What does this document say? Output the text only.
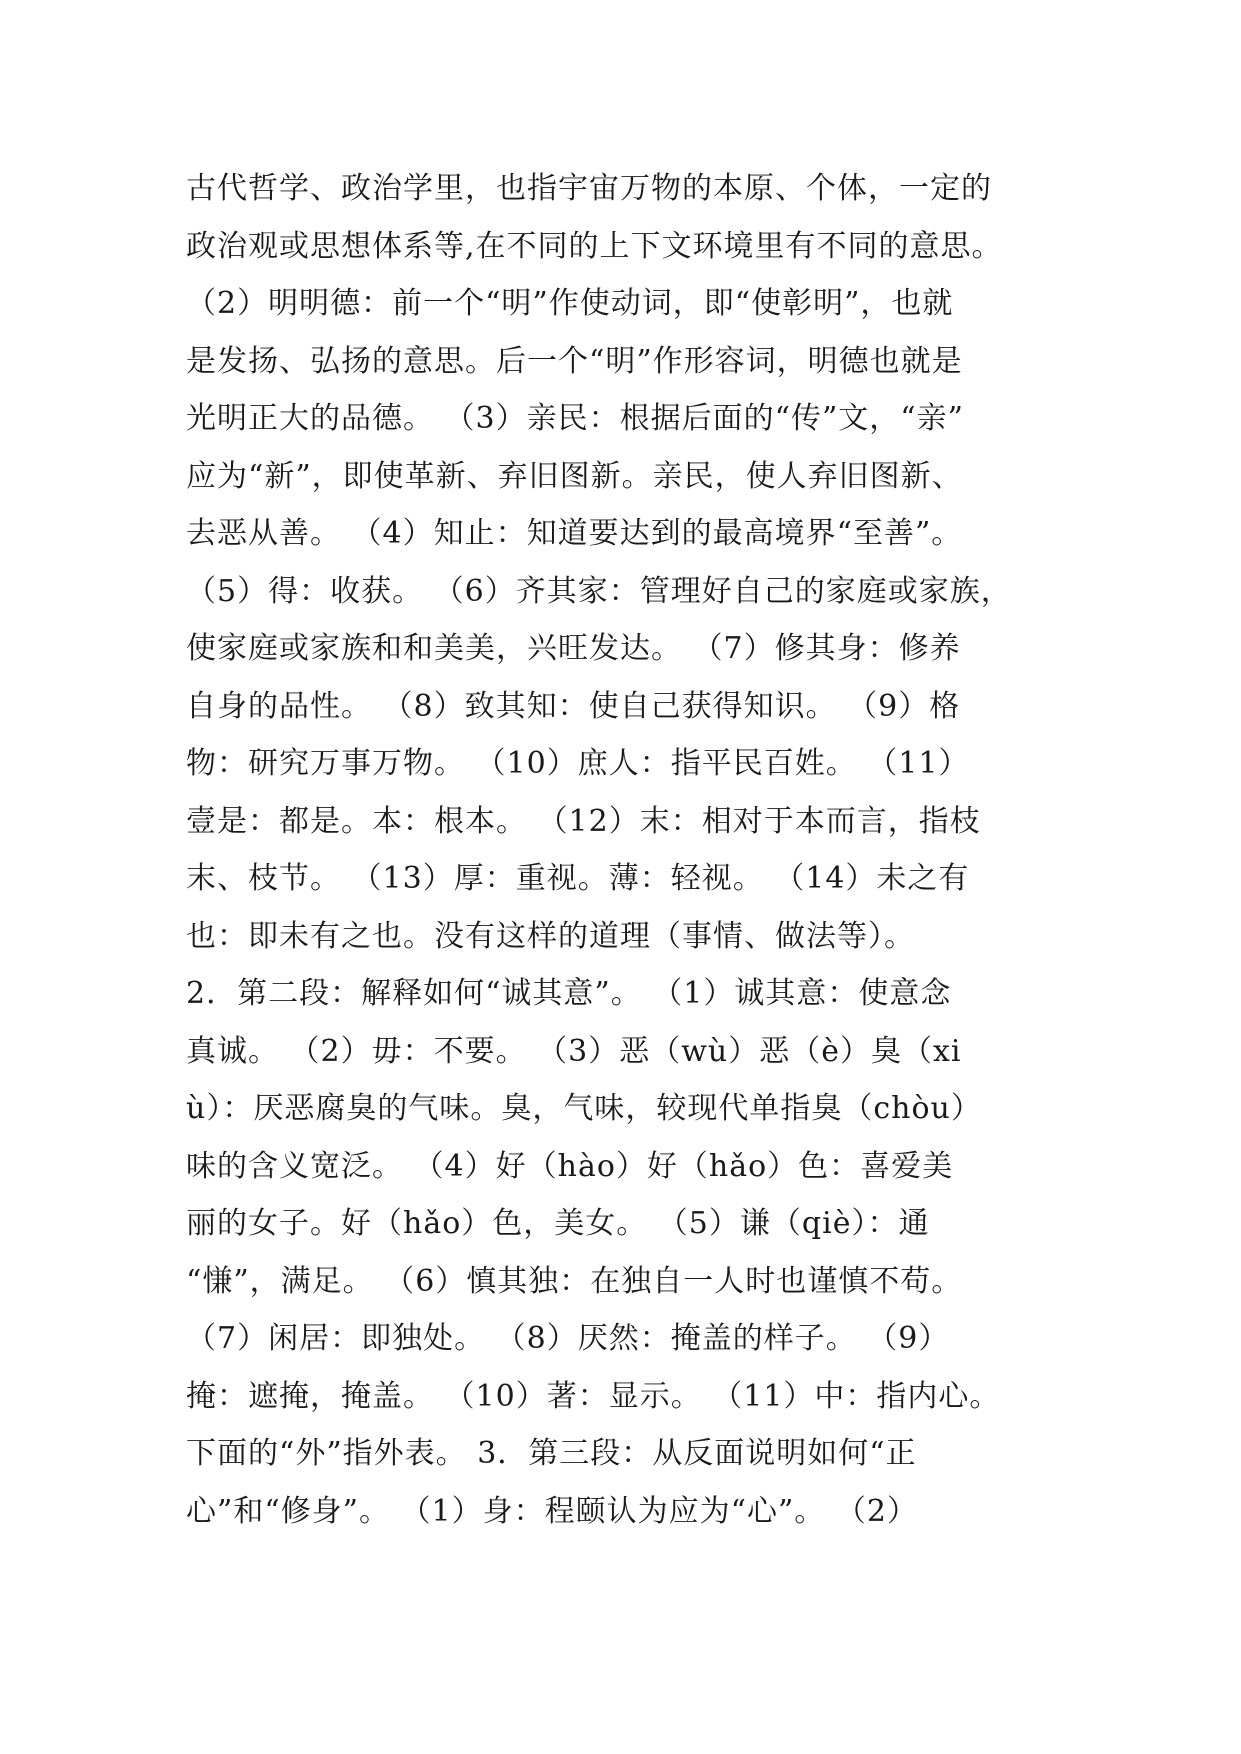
古代哲学、政治学里，也指宇宙万物的本原、个体，一定的
政治观或思想体系等,在不同的上下文环境里有不同的意思。
（2）明明德：前一个“明”作使动词，即“使彰明”，也就
是发扬、弘扬的意思。后一个“明”作形容词，明德也就是
光明正大的品德。 （3）亲民：根据后面的“传”文，“亲”
应为“新”，即使革新、弃旧图新。亲民，使人弃旧图新、
去恶从善。 （4）知止：知道要达到的最高境界“至善”。
（5）得：收获。 （6）齐其家：管理好自己的家庭或家族，
使家庭或家族和和美美，兴旺发达。 （7）修其身：修养
自身的品性。 （8）致其知：使自己获得知识。 （9）格
物：研究万事万物。 （10）庶人：指平民百姓。 （11）
壹是：都是。本：根本。 （12）末：相对于本而言，指枝
末、枝节。 （13）厚：重视。薄：轻视。 （14）未之有
也：即未有之也。没有这样的道理（事情、做法等）。
2．第二段：解释如何“诚其意”。 （1）诚其意：使意念
真诚。 （2）毋：不要。 （3）恶（wù）恶（è）臭（xi
ù）：厌恶腐臭的气味。臭，气味，较现代单指臭（chòu）
味的含义宽泛。 （4）好（hào）好（hǎo）色：喜爱美
丽的女子。好（hǎo）色，美女。 （5）谦（qiè）：通
“慊”，满足。 （6）慎其独：在独自一人时也谨慎不苟。
（7）闲居：即独处。 （8）厌然：掩盖的样子。 （9）
掩：遮掩，掩盖。 （10）著：显示。 （11）中：指内心。
下面的“外”指外表。 3．第三段：从反面说明如何“正
心”和“修身”。 （1）身：程颐认为应为“心”。 （2）
